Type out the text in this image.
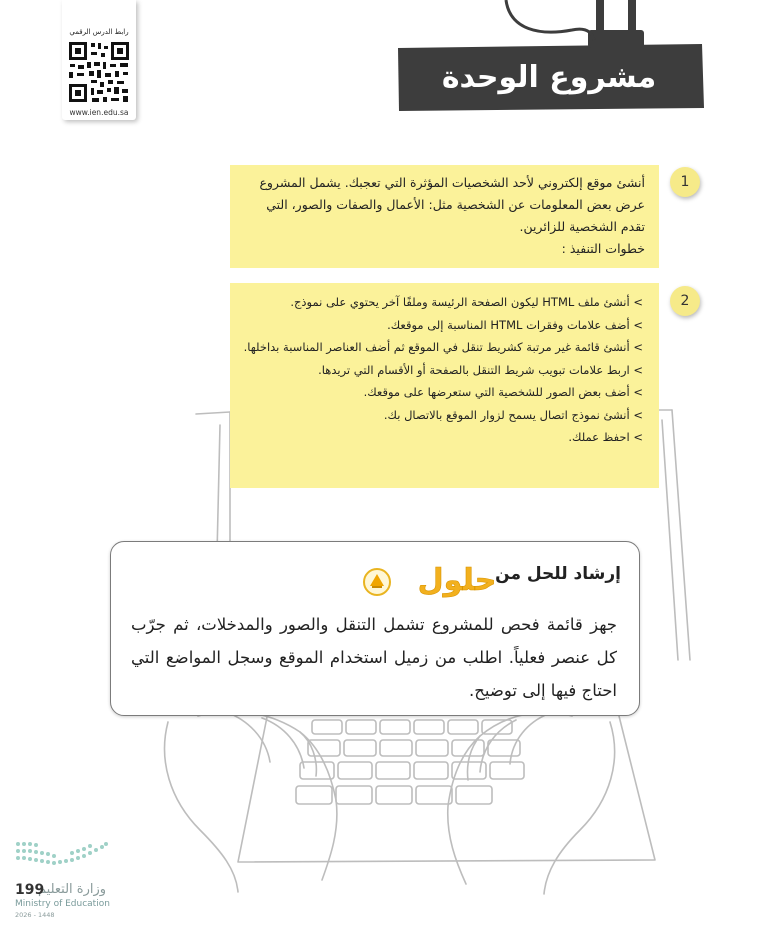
رابط الدرس الرقمي
www.ien.edu.sa
مشروع الوحدة
1

أنشئ موقع إلكتروني لأحد الشخصيات المؤثرة التي تعجبك. يشمل المشروع عرض بعض المعلومات عن الشخصية مثل: الأعمال والصفات والصور، التي تقدم الشخصية للزائرين.

خطوات التنفيذ :

2
> أنشئ ملف HTML ليكون الصفحة الرئيسة وملفًا آخر يحتوي على نموذج.
> أضف علامات وفقرات HTML المناسبة إلى موقعك.
> أنشئ قائمة غير مرتبة كشريط تنقل في الموقع ثم أضف العناصر المناسبة بداخلها.
> اربط علامات تبويب شريط التنقل بالصفحة أو الأقسام التي تريدها.
> أضف بعض الصور للشخصية التي ستعرضها على موقعك.
> أنشئ نموذج اتصال يسمح لزوار الموقع بالاتصال بك.
> احفظ عملك.
إرشاد للحل من
حلول
جهز قائمة فحص للمشروع تشمل التنقل والصور والمدخلات، ثم جرّب كل عنصر فعلياً. اطلب من زميل استخدام الموقع وسجل المواضع التي احتاج فيها إلى توضيح.
وزارة التعليم
199
Ministry of Education
2026 - 1448
